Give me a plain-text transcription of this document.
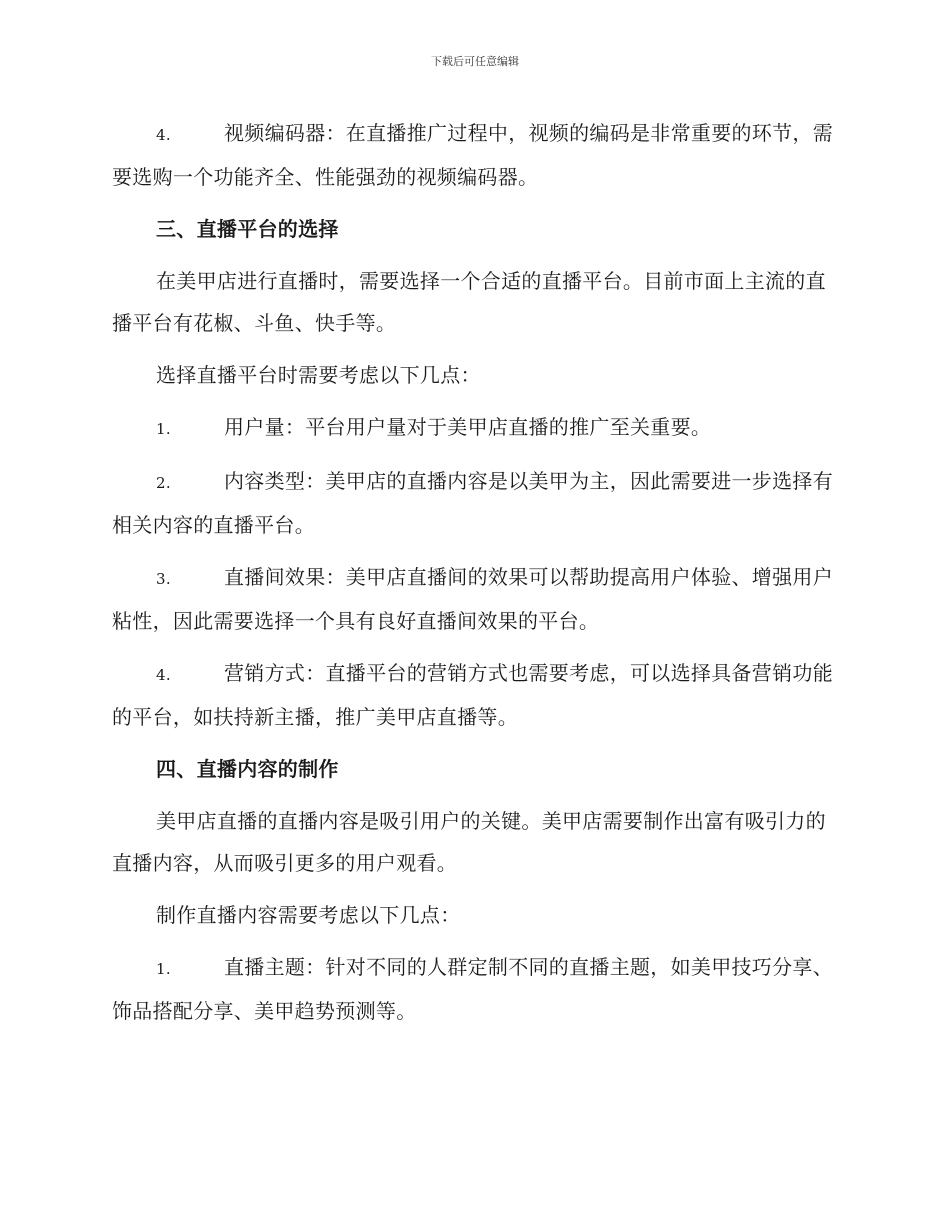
下载后可任意编辑

4.	视频编码器：在直播推广过程中，视频的编码是非常重要的环节，需要选购一个功能齐全、性能强劲的视频编码器。

三、直播平台的选择

在美甲店进行直播时，需要选择一个合适的直播平台。目前市面上主流的直播平台有花椒、斗鱼、快手等。

选择直播平台时需要考虑以下几点：

1.	用户量：平台用户量对于美甲店直播的推广至关重要。

2.	内容类型：美甲店的直播内容是以美甲为主，因此需要进一步选择有相关内容的直播平台。

3.	直播间效果：美甲店直播间的效果可以帮助提高用户体验、增强用户粘性，因此需要选择一个具有良好直播间效果的平台。

4.	营销方式：直播平台的营销方式也需要考虑，可以选择具备营销功能的平台，如扶持新主播，推广美甲店直播等。

四、直播内容的制作

美甲店直播的直播内容是吸引用户的关键。美甲店需要制作出富有吸引力的直播内容，从而吸引更多的用户观看。

制作直播内容需要考虑以下几点：

1.	直播主题：针对不同的人群定制不同的直播主题，如美甲技巧分享、饰品搭配分享、美甲趋势预测等。
